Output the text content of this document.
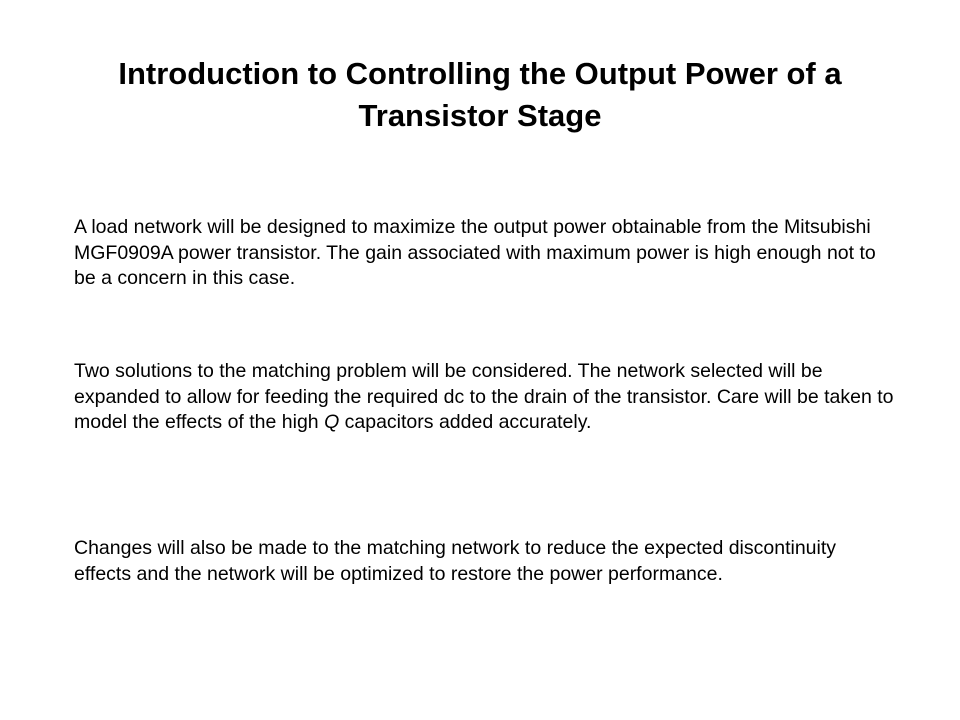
Introduction to Controlling the Output Power of a Transistor Stage

A load network will be designed to maximize the output power obtainable from the Mitsubishi MGF0909A power transistor. The gain associated with maximum power is high enough not to be a concern in this case.

Two solutions to the matching problem will be considered. The network selected will be expanded to allow for feeding the required dc to the drain of the transistor. Care will be taken to model the effects of the high Q capacitors added accurately.

Changes will also be made to the matching network to reduce the expected discontinuity effects and the network will be optimized to restore the power performance.
